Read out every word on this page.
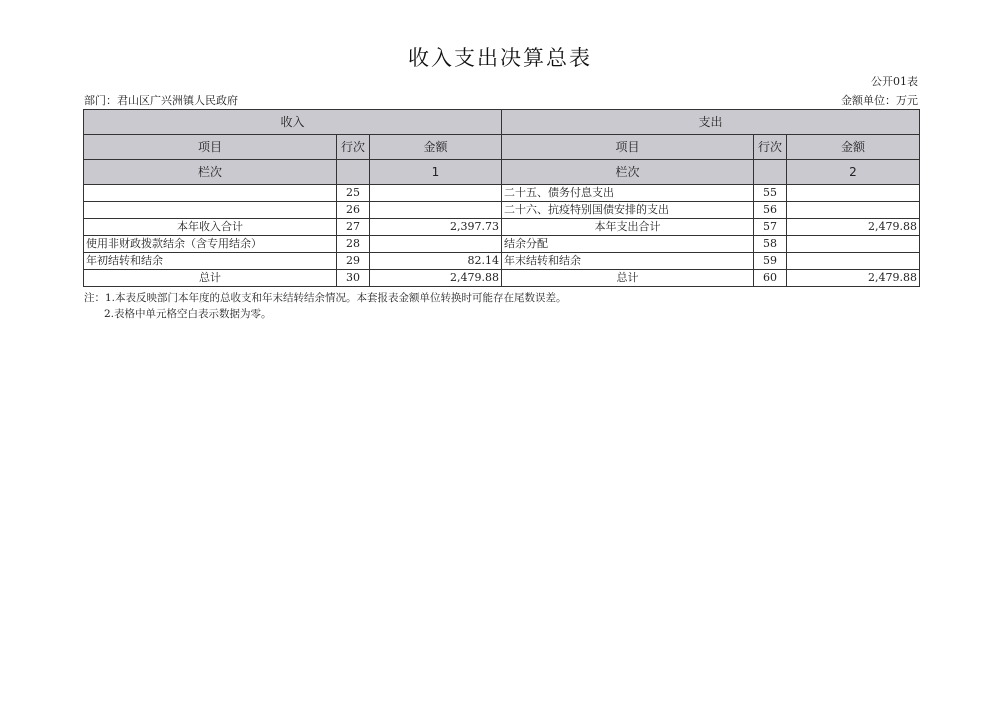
收入支出决算总表
公开01表
部门：君山区广兴洲镇人民政府	金额单位：万元
收入			支出		
项目	行次	金额	项目	行次	金额
栏次		1	栏次		2
	25		二十五、债务付息支出	55	
	26		二十六、抗疫特别国债安排的支出	56	
本年收入合计	27	2,397.73	本年支出合计	57	2,479.88
使用非财政拨款结余（含专用结余）	28		结余分配	58	
年初结转和结余	29	82.14	年末结转和结余	59	
总计	30	2,479.88	总计	60	2,479.88
注：1.本表反映部门本年度的总收支和年末结转结余情况。本套报表金额单位转换时可能存在尾数误差。
2.表格中单元格空白表示数据为零。
